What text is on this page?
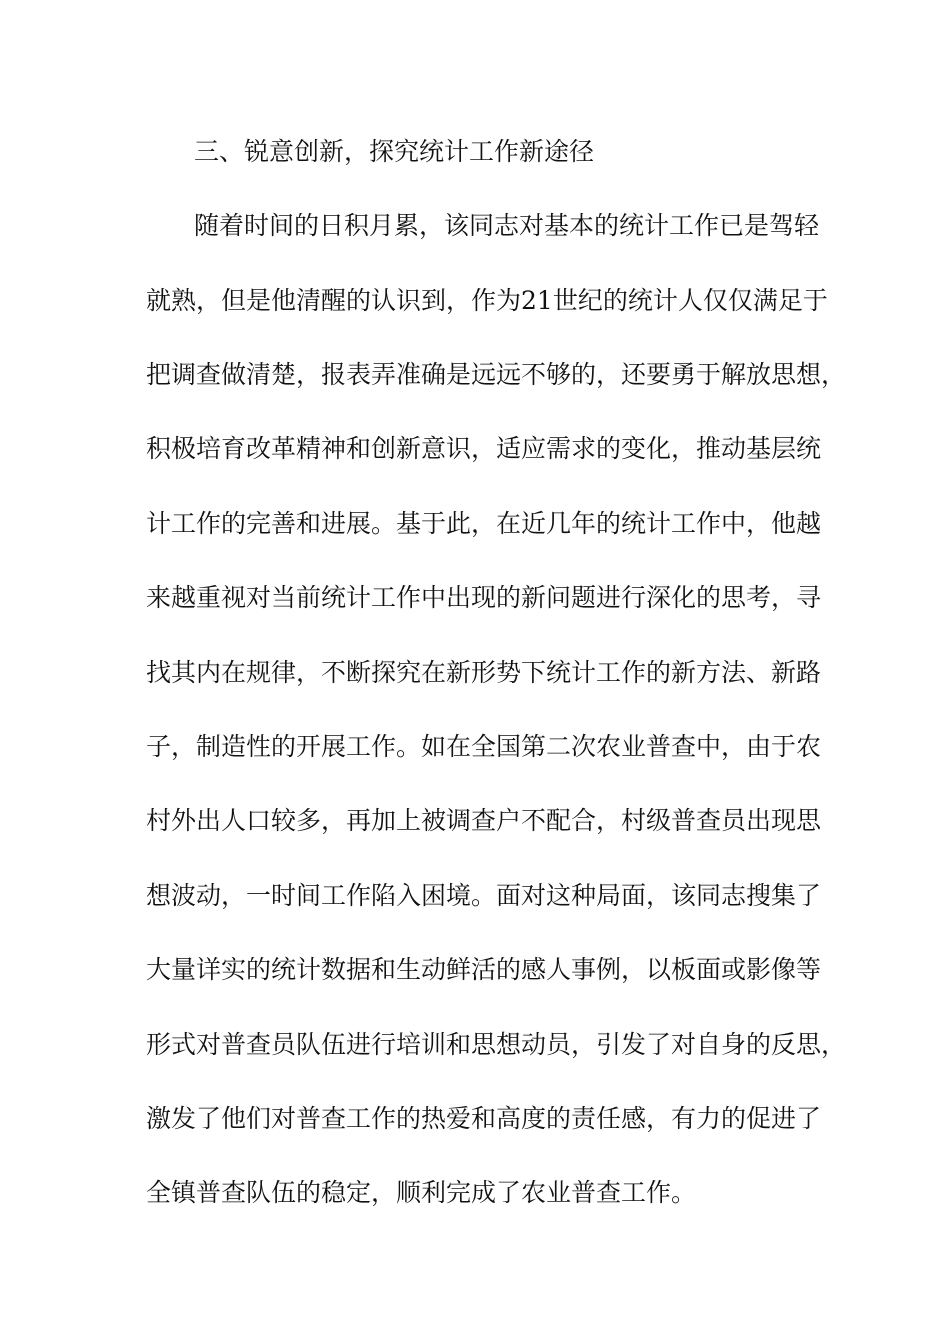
三、锐意创新，探究统计工作新途径
随着时间的日积月累，该同志对基本的统计工作已是驾轻
就熟，但是他清醒的认识到，作为21世纪的统计人仅仅满足于
把调查做清楚，报表弄准确是远远不够的，还要勇于解放思想，
积极培育改革精神和创新意识，适应需求的变化，推动基层统
计工作的完善和进展。基于此，在近几年的统计工作中，他越
来越重视对当前统计工作中出现的新问题进行深化的思考，寻
找其内在规律，不断探究在新形势下统计工作的新方法、新路
子，制造性的开展工作。如在全国第二次农业普查中，由于农
村外出人口较多，再加上被调查户不配合，村级普查员出现思
想波动，一时间工作陷入困境。面对这种局面，该同志搜集了
大量详实的统计数据和生动鲜活的感人事例，以板面或影像等
形式对普查员队伍进行培训和思想动员，引发了对自身的反思，
激发了他们对普查工作的热爱和高度的责任感，有力的促进了
全镇普查队伍的稳定，顺利完成了农业普查工作。
